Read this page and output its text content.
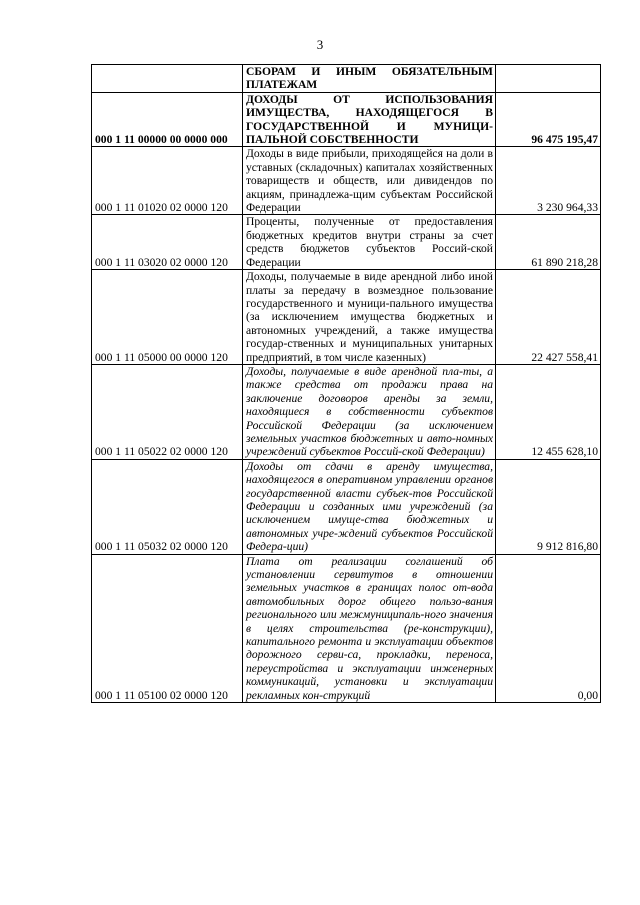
3

	СБОРАМ И ИНЫМ ОБЯЗАТЕЛЬНЫМ ПЛАТЕЖАМ	

000 1 11 00000 00 0000 000	ДОХОДЫ ОТ ИСПОЛЬЗОВАНИЯ ИМУЩЕСТВА, НАХОДЯЩЕГОСЯ В ГОСУДАРСТВЕННОЙ И МУНИЦИ-ПАЛЬНОЙ СОБСТВЕННОСТИ	96 475 195,47
000 1 11 01020 02 0000 120	Доходы в виде прибыли, приходящейся на доли в уставных (складочных) капиталах хозяйственных товариществ и обществ, или дивидендов по акциям, принадлежа-щим субъектам Российской Федерации	3 230 964,33
000 1 11 03020 02 0000 120	Проценты, полученные от предоставления бюджетных кредитов внутри страны за счет средств бюджетов субъектов Россий-ской Федерации	61 890 218,28
000 1 11 05000 00 0000 120	Доходы, получаемые в виде арендной либо иной платы за передачу в возмездное пользование государственного и муници-пального имущества (за исключением имущества бюджетных и автономных учреждений, а также имущества государ-ственных и муниципальных унитарных предприятий, в том числе казенных)	22 427 558,41
000 1 11 05022 02 0000 120	Доходы, получаемые в виде арендной пла-ты, а также средства от продажи права на заключение договоров аренды за земли, находящиеся в собственности субъектов Российской Федерации (за исключением земельных участков бюджетных и авто-номных учреждений субъектов Россий-ской Федерации)	12 455 628,10
000 1 11 05032 02 0000 120	Доходы от сдачи в аренду имущества, находящегося в оперативном управлении органов государственной власти субъек-тов Российской Федерации и созданных ими учреждений (за исключением имуще-ства бюджетных и автономных учре-ждений субъектов Российской Федера-ции)	9 912 816,80
000 1 11 05100 02 0000 120	Плата от реализации соглашений об установлении сервитутов в отношении земельных участков в границах полос от-вода автомобильных дорог общего пользо-вания регионального или межмуниципаль-ного значения в целях строительства (ре-конструкции), капитального ремонта и эксплуатации объектов дорожного серви-са, прокладки, переноса, переустройства и эксплуатации инженерных коммуникаций, установки и эксплуатации рекламных кон-струкций	0,00
